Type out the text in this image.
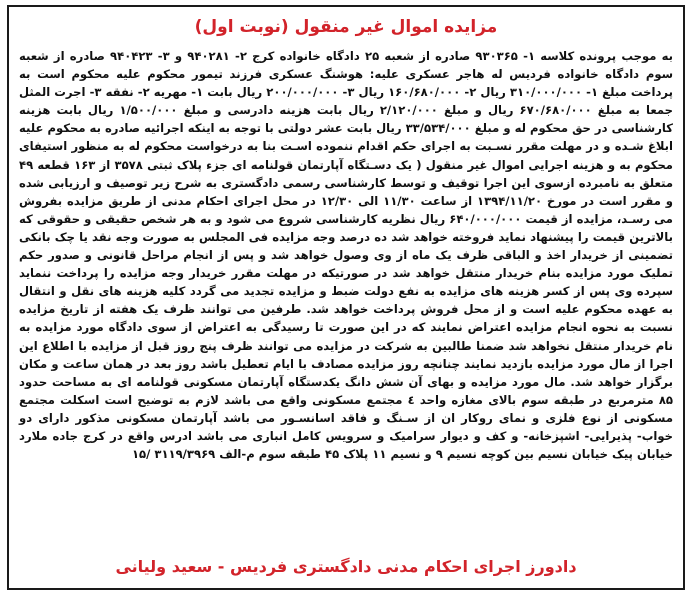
مزایده اموال غیر منقول (نوبت اول)
به موجب پرونده کلاسه ۱- ۹۳۰۳۶۵ صادره از شعبه ۲۵ دادگاه خانواده کرج ۲- ۹۴۰۲۸۱ و ۳- ۹۴۰۴۲۳ صادره از شعبه سوم دادگاه خانواده فردیس له هاجر عسکری علیه: هوشنگ عسکری فرزند تیمور محکوم علیه محکوم است به پرداخت مبلغ ۱- ۳۱۰/۰۰۰/۰۰۰ ریال ۲- ۱۶۰/۶۸۰/۰۰۰ ریال ۳- ۲۰۰/۰۰۰/۰۰۰ ریال بابت ۱- مهریه ۲- نفقه ۳- اجرت المثل جمعا به مبلغ ۶۷۰/۶۸۰/۰۰۰ ریال و مبلغ ۲/۱۲۰/۰۰۰ ریال بابت هزینه دادرسی و مبلغ ۱/۵۰۰/۰۰۰ ریال بابت هزینه کارشناسی در حق محکوم له و مبلغ ۳۳/۵۳۴/۰۰۰ ریال بابت عشر دولتی با توجه به اینکه اجرائیه صادره به محکوم علیه ابلاغ شـده و در مهلت مقرر نسـبت به اجرای حکم اقدام ننموده اسـت بنا به درخواست محکوم له به منظور استیفای محکوم به و هزینه اجرایی اموال غیر منقول ( یک دسـتگاه آپارتمان قولنامه ای جزء پلاک ثبتی ۳۵۷۸ از ۱۶۳ قطعه ۴۹ متعلق به نامبرده ازسوی این اجرا توقیف و توسط کارشناسی رسمی دادگستری به شرح زیر توصیف و ارزیابی شده و مقرر است در مورخ ۱۳۹۴/۱۱/۲۰ از ساعت ۱۱/۳۰ الی ۱۲/۳۰ در محل اجرای احکام مدنی از طریق مزایده بفروش می رسـد، مزایده از قیمت ۶۴۰/۰۰۰/۰۰۰ ریال نظریه کارشناسی شروع می شود و به هر شخص حقیقی و حقوقی که بالاترین قیمت را پیشنهاد نماید فروخته خواهد شد ده درصد وجه مزایده فی المجلس به صورت وجه نقد یا چک بانکی تضمینی از خریدار اخذ و الباقی ظرف یک ماه از وی وصول خواهد شد و پس از انجام مراحل قانونی و صدور حکم تملیک مورد مزایده بنام خریدار منتقل خواهد شد در صورتیکه در مهلت مقرر خریدار وجه مزایده را پرداخت ننماید سپرده وی پس از کسر هزینه های مزایده به نفع دولت ضبط و مزایده تجدید می گردد کلیه هزینه های نقل و انتقال به عهده محکوم علیه است و از محل فروش پرداخت خواهد شد. طرفین می توانند ظرف یک هفته از تاریخ مزایده نسبت به نحوه انجام مزایده اعتراض نمایند که در این صورت تا رسیدگی به اعتراض از سوی دادگاه مورد مزایده به نام خریدار منتقل نخواهد شد ضمنا طالبین به شرکت در مزایده می توانند ظرف پنج روز قبل از مزایده با اطلاع این اجرا از مال مورد مزایده بازدید نمایند چنانچه روز مزایده مصادف با ایام تعطیل باشد روز بعد در همان ساعت و مکان برگزار خواهد شد. مال مورد مزایده و بهای آن شش دانگ یکدستگاه آپارتمان مسکونی قولنامه ای به مساحت حدود ۸۵ مترمربع در طبقه سوم بالای مغازه واحد ٤ مجتمع مسکونی واقع می باشد لازم به توضیح است اسکلت مجتمع مسکونی از نوع فلزی و نمای روکار ان از سـنگ و فاقد اسانسـور می باشد آپارتمان مسکونی مذکور دارای دو خواب- پذیرایی- اشپزخانه- و کف و دیوار سرامیک و سرویس کامل انباری می باشد ادرس واقع در کرج جاده ملارد خیابان پیک خیابان نسیم بین کوچه نسیم ۹ و نسیم ۱۱ پلاک ۴۵ طبقه سوم م-الف ۳۱۱۹/۳۹۶۹ /۱۵
دادورز اجرای احکام مدنی دادگستری فردیس - سعید ولیانی
